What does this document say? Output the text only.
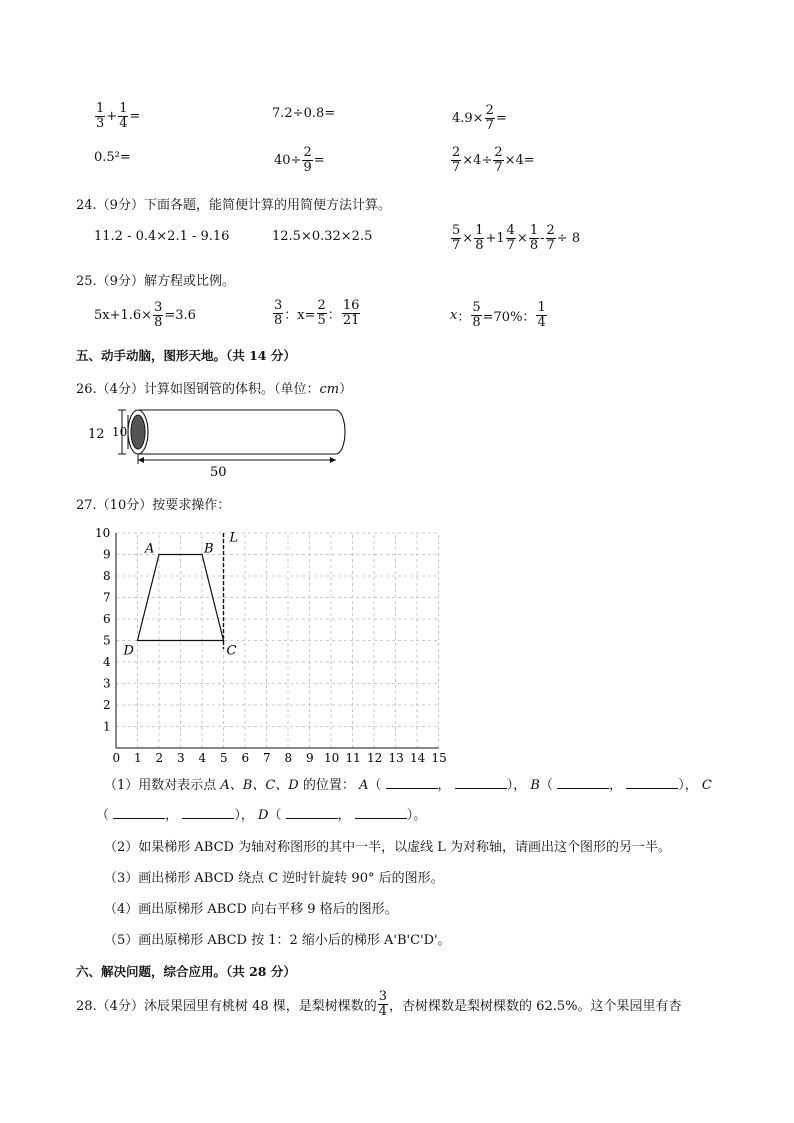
$\frac{1}{3} + \frac{1}{4}$ =	7.2÷0.8=	$4.9\times \frac{2}{7}$ =
0.5²=	$40\div \frac{2}{9}$ =	$\frac{2}{7} \times 4\div \frac{2}{7} \times 4=$
24.（9分）下面各题，能简便计算的用简便方法计算。
11.2 - 0.4×2.1 - 9.16	12.5×0.32×2.5	$\frac{5}{7} \times \frac{1}{8} +1 \frac{4}{7} \times \frac{1}{8} - \frac{2}{7} \div 8$
25.（9分）解方程或比例。
$5x+1.6\times \frac{3}{8} =3.6$	$\frac{3}{8}$ ：$x= \frac{2}{5}$ ： $\frac{16}{21}$	x ： $\frac{5}{8} =70\%$： $\frac{1}{4}$
五、动手动脑，图形天地。（共 14 分）
26.（4分）计算如图钢管的体积。（单位：cm）
12 10
50
27.（10分）按要求操作：
0 1 2 3 4 5 6 7 8 9 10 11 12 13 14 15
10
9
8
7
6
5
4
3
2
1
A	B
C
D
L
（1）用数对表示点 A、B、C、D 的位置： A（	，	）， B（	，	）， C
（	，	）， D（	，	）。
（2）如果梯形 ABCD 为轴对称图形的其中一半，以虚线 L 为对称轴，请画出这个图形的另一半。
（3）画出梯形 ABCD 绕点 C 逆时针旋转 90° 后的图形。
（4）画出原梯形 ABCD 向右平移 9 格后的图形。
（5）画出原梯形 ABCD 按 1：2 缩小后的梯形 A'B'C'D'。
六、解决问题，综合应用。（共 28 分）
28.（4分）沐辰果园里有桃树 48 棵，是梨树棵数的 $\frac{3}{4}$ ，杏树棵数是梨树棵数的 62.5%。这个果园里有杏
